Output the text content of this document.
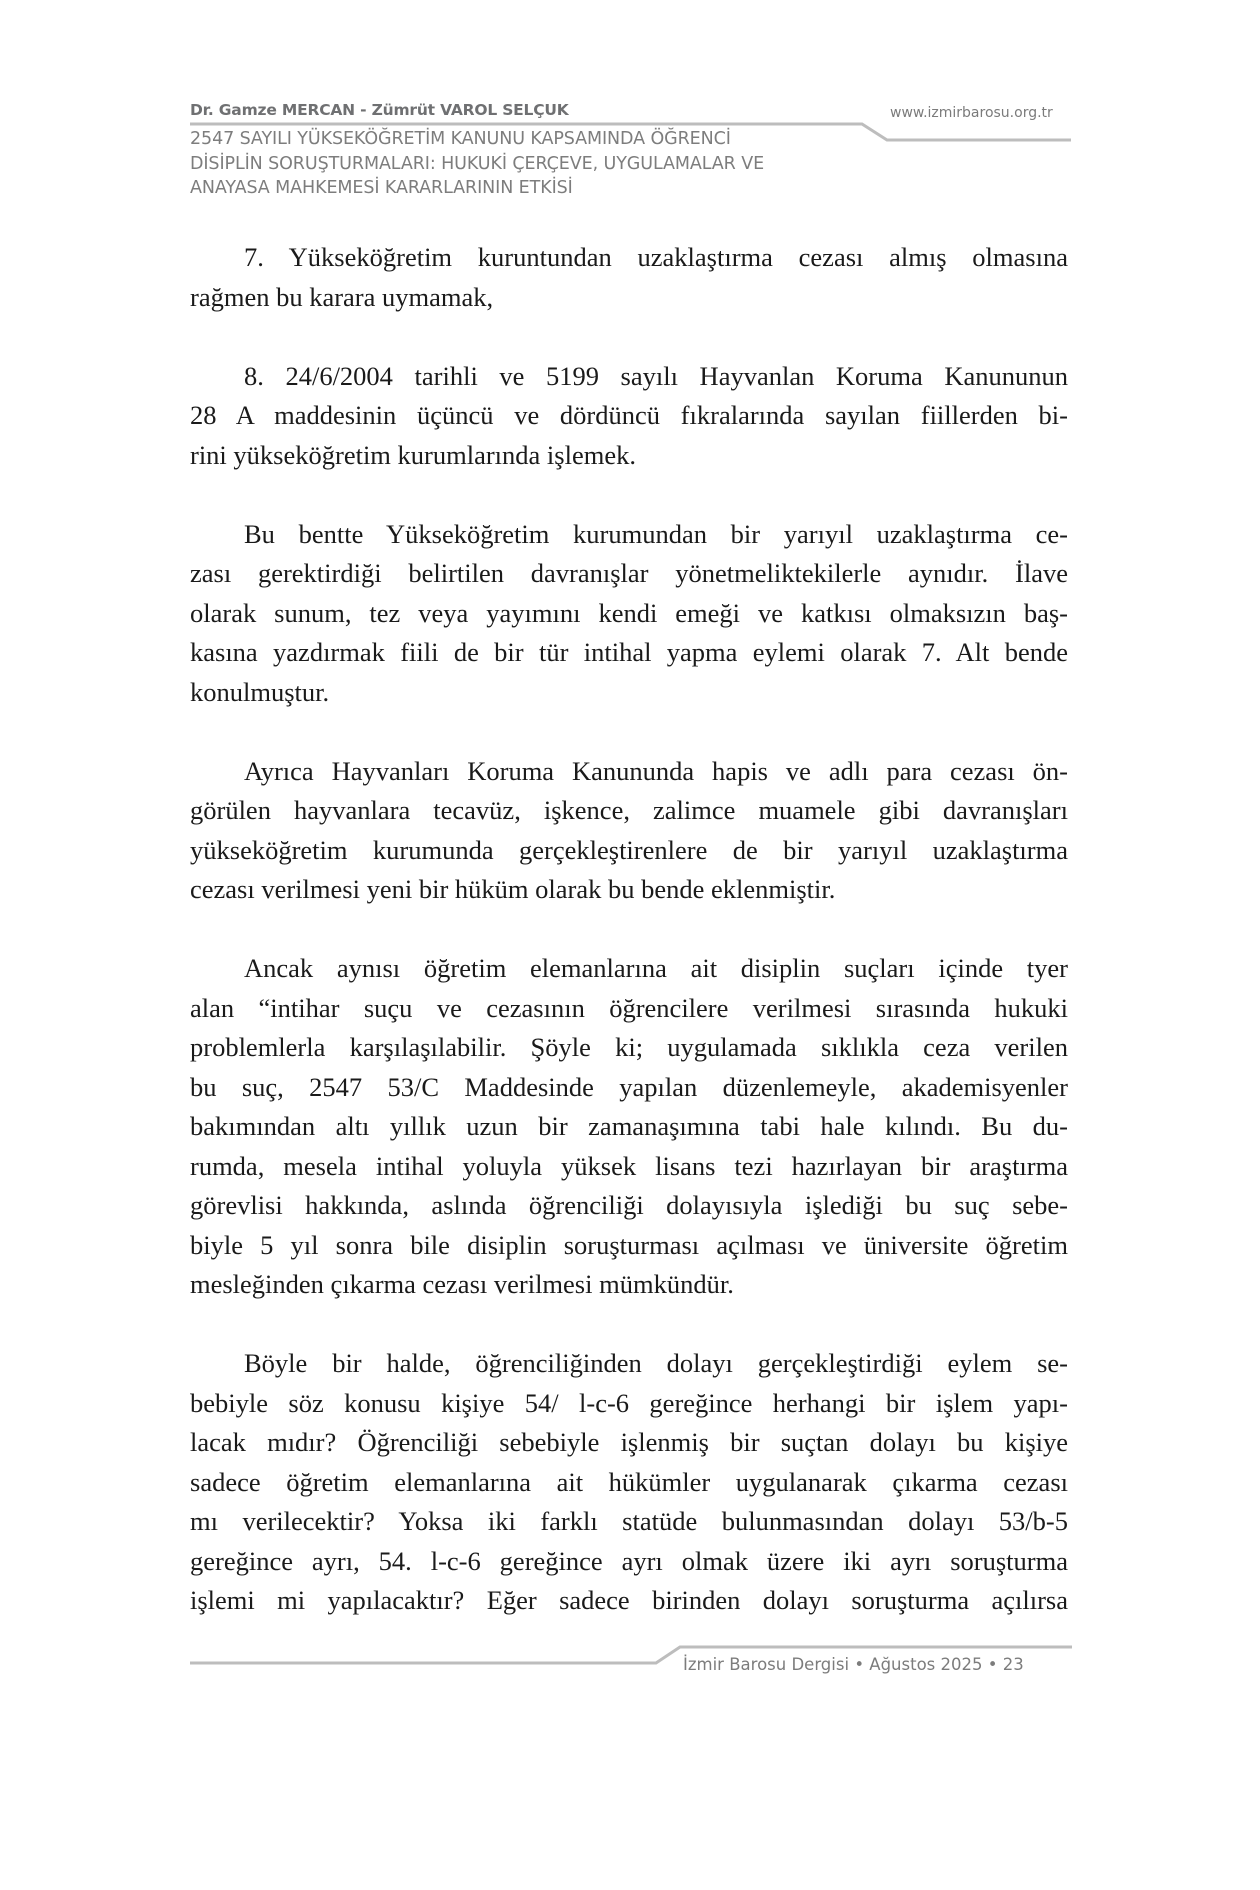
Dr. Gamze MERCAN - Zümrüt VAROL SELÇUK	www.izmirbarosu.org.tr
2547 SAYILI YÜKSEKÖĞRETİM KANUNU KAPSAMINDA ÖĞRENCİ
DİSİPLİN SORUŞTURMALARI: HUKUKİ ÇERÇEVE, UYGULAMALAR VE
ANAYASA MAHKEMESİ KARARLARININ ETKİSİ

7. Yükseköğretim kuruntundan uzaklaştırma cezası almış olmasına
rağmen bu karara uymamak,

8. 24/6/2004 tarihli ve 5199 sayılı Hayvanlan Koruma Kanununun
28 A maddesinin üçüncü ve dördüncü fıkralarında sayılan fiillerden bi-
rini yükseköğretim kurumlarında işlemek.

Bu bentte Yükseköğretim kurumundan bir yarıyıl uzaklaştırma ce-
zası gerektirdiği belirtilen davranışlar yönetmeliktekilerle aynıdır. İlave
olarak sunum, tez veya yayımını kendi emeği ve katkısı olmaksızın baş-
kasına yazdırmak fiili de bir tür intihal yapma eylemi olarak 7. Alt bende
konulmuştur.

Ayrıca Hayvanları Koruma Kanununda hapis ve adlı para cezası ön-
görülen hayvanlara tecavüz, işkence, zalimce muamele gibi davranışları
yükseköğretim kurumunda gerçekleştirenlere de bir yarıyıl uzaklaştırma
cezası verilmesi yeni bir hüküm olarak bu bende eklenmiştir.

Ancak aynısı öğretim elemanlarına ait disiplin suçları içinde tyer
alan “intihar suçu ve cezasının öğrencilere verilmesi sırasında hukuki
problemlerla karşılaşılabilir. Şöyle ki; uygulamada sıklıkla ceza verilen
bu suç, 2547 53/C Maddesinde yapılan düzenlemeyle, akademisyenler
bakımından altı yıllık uzun bir zamanaşımına tabi hale kılındı. Bu du-
rumda, mesela intihal yoluyla yüksek lisans tezi hazırlayan bir araştırma
görevlisi hakkında, aslında öğrenciliği dolayısıyla işlediği bu suç sebe-
biyle 5 yıl sonra bile disiplin soruşturması açılması ve üniversite öğretim
mesleğinden çıkarma cezası verilmesi mümkündür.

Böyle bir halde, öğrenciliğinden dolayı gerçekleştirdiği eylem se-
bebiyle söz konusu kişiye 54/ l-c-6 gereğince herhangi bir işlem yapı-
lacak mıdır? Öğrenciliği sebebiyle işlenmiş bir suçtan dolayı bu kişiye
sadece öğretim elemanlarına ait hükümler uygulanarak çıkarma cezası
mı verilecektir? Yoksa iki farklı statüde bulunmasından dolayı 53/b-5
gereğince ayrı, 54. l-c-6 gereğince ayrı olmak üzere iki ayrı soruşturma
işlemi mi yapılacaktır? Eğer sadece birinden dolayı soruşturma açılırsa

İzmir Barosu Dergisi • Ağustos 2025 • 23
